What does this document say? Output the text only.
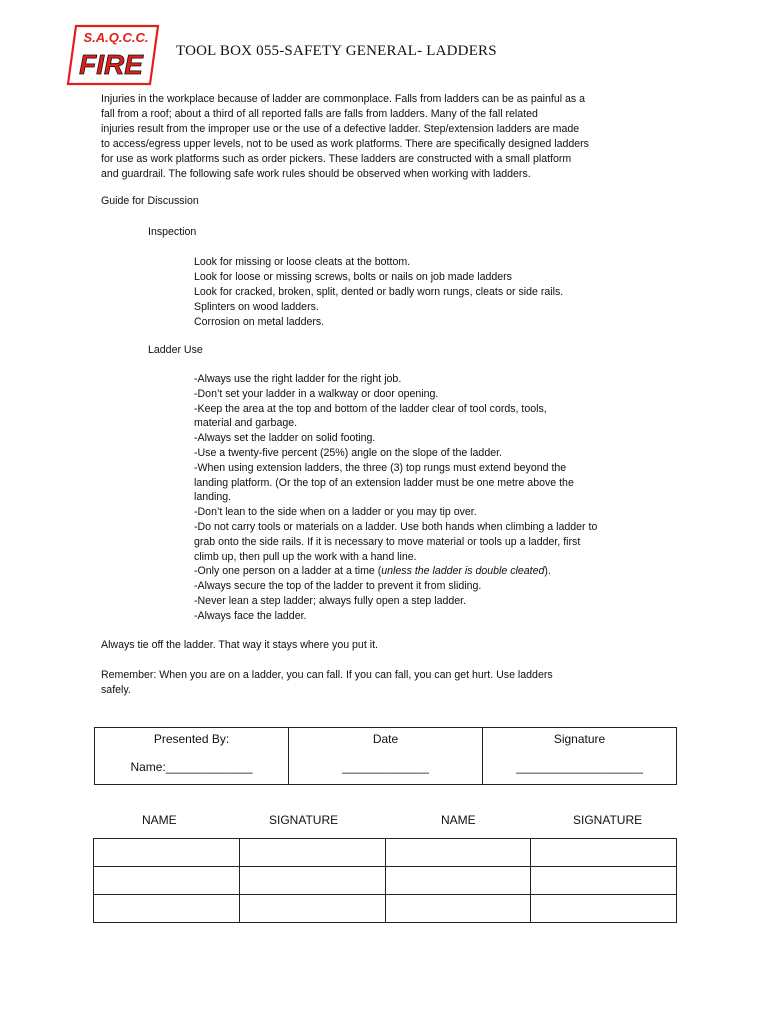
S.A.Q.C.C.
FIRE TOOL BOX 055-SAFETY GENERAL- LADDERS
Injuries in the workplace because of ladder are commonplace. Falls from ladders can be as painful as a
fall from a roof; about a third of all reported falls are falls from ladders. Many of the fall related
injuries result from the improper use or the use of a defective ladder. Step/extension ladders are made
to access/egress upper levels, not to be used as work platforms. There are specifically designed ladders
for use as work platforms such as order pickers. These ladders are constructed with a small platform
and guardrail. The following safe work rules should be observed when working with ladders.
Guide for Discussion
Inspection
Look for missing or loose cleats at the bottom.
Look for loose or missing screws, bolts or nails on job made ladders
Look for cracked, broken, split, dented or badly worn rungs, cleats or side rails.
Splinters on wood ladders.
Corrosion on metal ladders.
Ladder Use
-Always use the right ladder for the right job.
-Don’t set your ladder in a walkway or door opening.
-Keep the area at the top and bottom of the ladder clear of tool cords, tools,
material and garbage.
-Always set the ladder on solid footing.
-Use a twenty-five percent (25%) angle on the slope of the ladder.
-When using extension ladders, the three (3) top rungs must extend beyond the
landing platform. (Or the top of an extension ladder must be one metre above the
landing.
-Don’t lean to the side when on a ladder or you may tip over.
-Do not carry tools or materials on a ladder. Use both hands when climbing a ladder to
grab onto the side rails. If it is necessary to move material or tools up a ladder, first
climb up, then pull up the work with a hand line.
-Only one person on a ladder at a time (unless the ladder is double cleated).
-Always secure the top of the ladder to prevent it from sliding.
-Never lean a step ladder; always fully open a step ladder.
-Always face the ladder.
Always tie off the ladder. That way it stays where you put it.
Remember: When you are on a ladder, you can fall. If you can fall, you can get hurt. Use ladders
safely.
Presented By:
Name:_____________

Date
_____________

Signature
___________________
NAME	SIGNATURE	NAME	SIGNATURE
